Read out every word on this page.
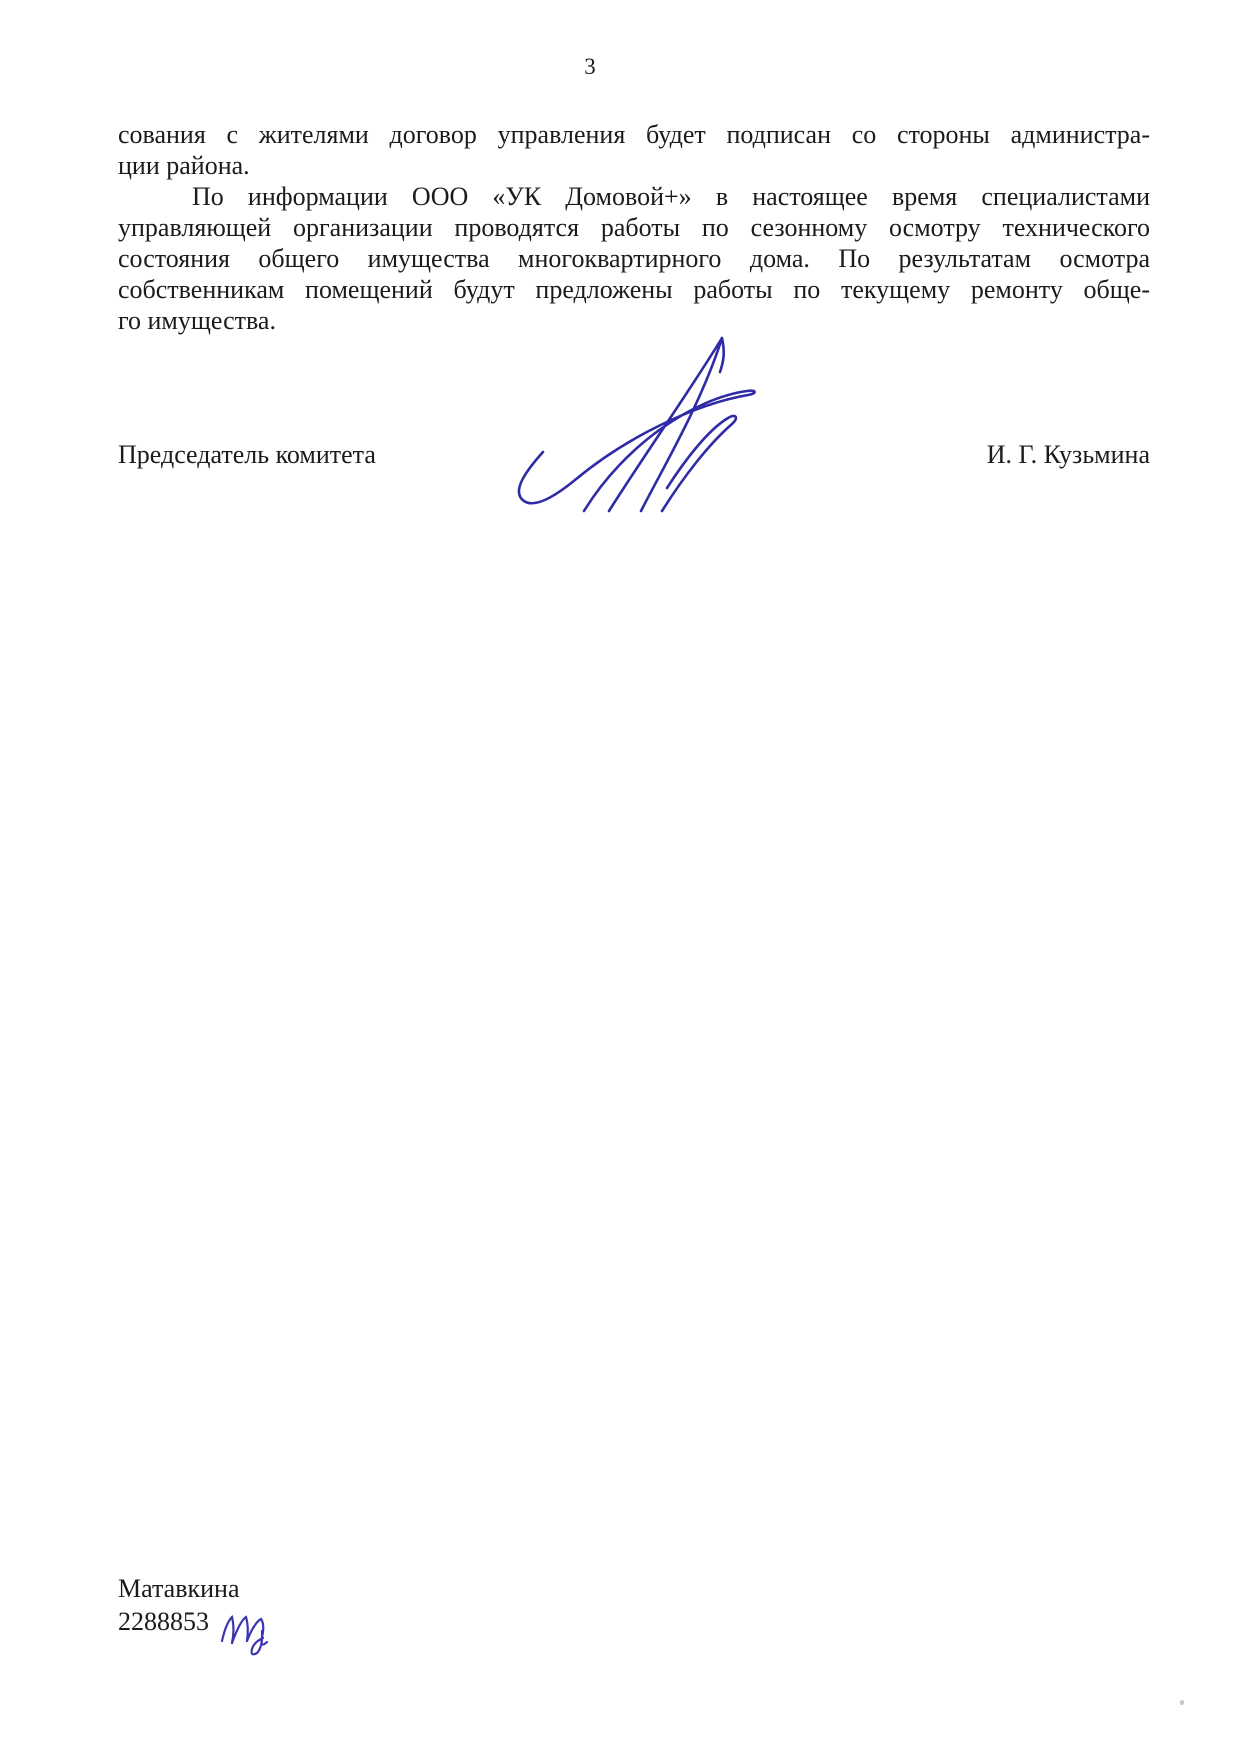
3
сования с жителями договор управления будет подписан со стороны администра-
ции района.
По информации ООО «УК Домовой+» в настоящее время специалистами
управляющей организации проводятся работы по сезонному осмотру технического
состояния общего имущества многоквартирного дома. По результатам осмотра
собственникам помещений будут предложены работы по текущему ремонту обще-
го имущества.
Председатель комитета	И. Г. Кузьмина
Матавкина
2288853
